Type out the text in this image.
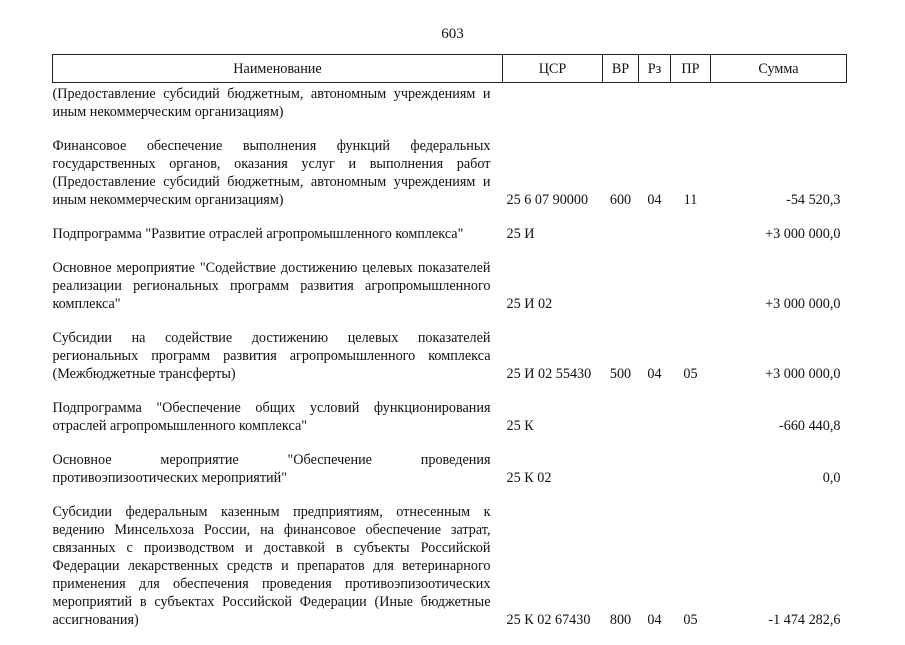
603
Наименование	ЦСР	ВР	Рз	ПР	Сумма
(Предоставление субсидий бюджетным, автономным учреждениям и иным некоммерческим организациям)					
Финансовое обеспечение выполнения функций федеральных государственных органов, оказания услуг и выполнения работ (Предоставление субсидий бюджетным, автономным учреждениям и иным некоммерческим организациям)	25 6 07 90000	600	04	11	-54 520,3
Подпрограмма "Развитие отраслей агропромышленного комплекса"	25 И				+3 000 000,0
Основное мероприятие "Содействие достижению целевых показателей реализации региональных программ развития агропромышленного комплекса"	25 И 02				+3 000 000,0
Субсидии на содействие достижению целевых показателей региональных программ развития агропромышленного комплекса (Межбюджетные трансферты)	25 И 02 55430	500	04	05	+3 000 000,0
Подпрограмма "Обеспечение общих условий функционирования отраслей агропромышленного комплекса"	25 К				-660 440,8
Основное мероприятие "Обеспечение проведения противоэпизоотических мероприятий"	25 К 02				0,0
Субсидии федеральным казенным предприятиям, отнесенным к ведению Минсельхоза России, на финансовое обеспечение затрат, связанных с производством и доставкой в субъекты Российской Федерации лекарственных средств и препаратов для ветеринарного применения для обеспечения проведения противоэпизоотических мероприятий в субъектах Российской Федерации (Иные бюджетные ассигнования)	25 К 02 67430	800	04	05	-1 474 282,6
